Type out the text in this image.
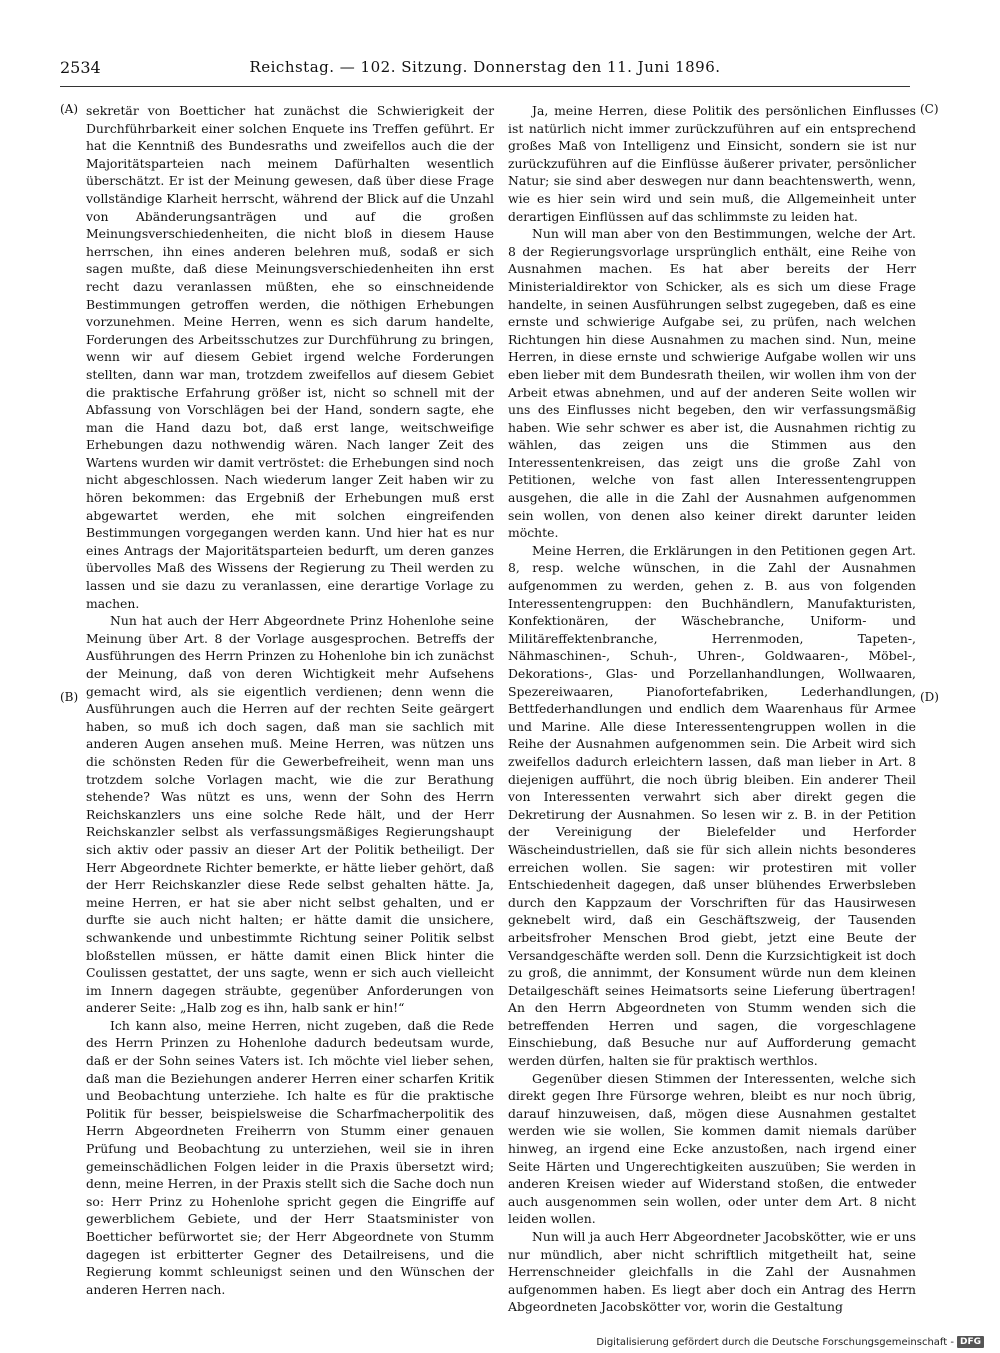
2534	Reichstag. — 102. Sitzung. Donnerstag den 11. Juni 1896.
(A)
(B)
(C)
(D)

sekretär von Boetticher hat zunächst die Schwierigkeit der Durchführbarkeit einer solchen Enquete ins Treffen geführt. Er hat die Kenntniß des Bundesraths und zweifellos auch die der Majoritätsparteien nach meinem Dafürhalten wesentlich überschätzt. Er ist der Meinung gewesen, daß über diese Frage vollständige Klarheit herrscht, während der Blick auf die Unzahl von Abänderungsanträgen und auf die großen Meinungsverschiedenheiten, die nicht bloß in diesem Hause herrschen, ihn eines anderen belehren muß, sodaß er sich sagen mußte, daß diese Meinungsverschiedenheiten ihn erst recht dazu veranlassen müßten, ehe so einschneidende Bestimmungen getroffen werden, die nöthigen Erhebungen vorzunehmen. Meine Herren, wenn es sich darum handelte, Forderungen des Arbeitsschutzes zur Durchführung zu bringen, wenn wir auf diesem Gebiet irgend welche Forderungen stellten, dann war man, trotzdem zweifellos auf diesem Gebiet die praktische Erfahrung größer ist, nicht so schnell mit der Abfassung von Vorschlägen bei der Hand, sondern sagte, ehe man die Hand dazu bot, daß erst lange, weitschweifige Erhebungen dazu nothwendig wären. Nach langer Zeit des Wartens wurden wir damit vertröstet: die Erhebungen sind noch nicht abgeschlossen. Nach wiederum langer Zeit haben wir zu hören bekommen: das Ergebniß der Erhebungen muß erst abgewartet werden, ehe mit solchen eingreifenden Bestimmungen vorgegangen werden kann. Und hier hat es nur eines Antrags der Majoritätsparteien bedurft, um deren ganzes übervolles Maß des Wissens der Regierung zu Theil werden zu lassen und sie dazu zu veranlassen, eine derartige Vorlage zu machen.

Nun hat auch der Herr Abgeordnete Prinz Hohenlohe seine Meinung über Art. 8 der Vorlage ausgesprochen. Betreffs der Ausführungen des Herrn Prinzen zu Hohenlohe bin ich zunächst der Meinung, daß von deren Wichtigkeit mehr Aufsehens gemacht wird, als sie eigentlich verdienen; denn wenn die Ausführungen auch die Herren auf der rechten Seite geärgert haben, so muß ich doch sagen, daß man sie sachlich mit anderen Augen ansehen muß. Meine Herren, was nützen uns die schönsten Reden für die Gewerbefreiheit, wenn man uns trotzdem solche Vorlagen macht, wie die zur Berathung stehende? Was nützt es uns, wenn der Sohn des Herrn Reichskanzlers uns eine solche Rede hält, und der Herr Reichskanzler selbst als verfassungsmäßiges Regierungshaupt sich aktiv oder passiv an dieser Art der Politik betheiligt. Der Herr Abgeordnete Richter bemerkte, er hätte lieber gehört, daß der Herr Reichskanzler diese Rede selbst gehalten hätte. Ja, meine Herren, er hat sie aber nicht selbst gehalten, und er durfte sie auch nicht halten; er hätte damit die unsichere, schwankende und unbestimmte Richtung seiner Politik selbst bloßstellen müssen, er hätte damit einen Blick hinter die Coulissen gestattet, der uns sagte, wenn er sich auch vielleicht im Innern dagegen sträubte, gegenüber Anforderungen von anderer Seite: „Halb zog es ihn, halb sank er hin!“

Ich kann also, meine Herren, nicht zugeben, daß die Rede des Herrn Prinzen zu Hohenlohe dadurch bedeutsam wurde, daß er der Sohn seines Vaters ist. Ich möchte viel lieber sehen, daß man die Beziehungen anderer Herren einer scharfen Kritik und Beobachtung unterziehe. Ich halte es für die praktische Politik für besser, beispielsweise die Scharfmacherpolitik des Herrn Abgeordneten Freiherrn von Stumm einer genauen Prüfung und Beobachtung zu unterziehen, weil sie in ihren gemeinschädlichen Folgen leider in die Praxis übersetzt wird; denn, meine Herren, in der Praxis stellt sich die Sache doch nun so: Herr Prinz zu Hohenlohe spricht gegen die Eingriffe auf gewerblichem Gebiete, und der Herr Staatsminister von Boetticher befürwortet sie; der Herr Abgeordnete von Stumm dagegen ist erbitterter Gegner des Detailreisens, und die Regierung kommt schleunigst seinen und den Wünschen der anderen Herren nach.

Ja, meine Herren, diese Politik des persönlichen Einflusses ist natürlich nicht immer zurückzuführen auf ein entsprechend großes Maß von Intelligenz und Einsicht, sondern sie ist nur zurückzuführen auf die Einflüsse äußerer privater, persönlicher Natur; sie sind aber deswegen nur dann beachtenswerth, wenn, wie es hier sein wird und sein muß, die Allgemeinheit unter derartigen Einflüssen auf das schlimmste zu leiden hat.

Nun will man aber von den Bestimmungen, welche der Art. 8 der Regierungsvorlage ursprünglich enthält, eine Reihe von Ausnahmen machen. Es hat aber bereits der Herr Ministerialdirektor von Schicker, als es sich um diese Frage handelte, in seinen Ausführungen selbst zugegeben, daß es eine ernste und schwierige Aufgabe sei, zu prüfen, nach welchen Richtungen hin diese Ausnahmen zu machen sind. Nun, meine Herren, in diese ernste und schwierige Aufgabe wollen wir uns eben lieber mit dem Bundesrath theilen, wir wollen ihm von der Arbeit etwas abnehmen, und auf der anderen Seite wollen wir uns des Einflusses nicht begeben, den wir verfassungsmäßig haben. Wie sehr schwer es aber ist, die Ausnahmen richtig zu wählen, das zeigen uns die Stimmen aus den Interessentenkreisen, das zeigt uns die große Zahl von Petitionen, welche von fast allen Interessentengruppen ausgehen, die alle in die Zahl der Ausnahmen aufgenommen sein wollen, von denen also keiner direkt darunter leiden möchte.

Meine Herren, die Erklärungen in den Petitionen gegen Art. 8, resp. welche wünschen, in die Zahl der Ausnahmen aufgenommen zu werden, gehen z. B. aus von folgenden Interessentengruppen: den Buchhändlern, Manufakturisten, Konfektionären, der Wäschebranche, Uniform- und Militäreffektenbranche, Herrenmoden, Tapeten-, Nähmaschinen-, Schuh-, Uhren-, Goldwaaren-, Möbel-, Dekorations-, Glas- und Porzellanhandlungen, Wollwaaren, Spezereiwaaren, Pianofortefabriken, Lederhandlungen, Bettfederhandlungen und endlich dem Waarenhaus für Armee und Marine. Alle diese Interessentengruppen wollen in die Reihe der Ausnahmen aufgenommen sein. Die Arbeit wird sich zweifellos dadurch erleichtern lassen, daß man lieber in Art. 8 diejenigen aufführt, die noch übrig bleiben. Ein anderer Theil von Interessenten verwahrt sich aber direkt gegen die Dekretirung der Ausnahmen. So lesen wir z. B. in der Petition der Vereinigung der Bielefelder und Herforder Wäscheindustriellen, daß sie für sich allein nichts besonderes erreichen wollen. Sie sagen: wir protestiren mit voller Entschiedenheit dagegen, daß unser blühendes Erwerbsleben durch den Kappzaum der Vorschriften für das Hausirwesen geknebelt wird, daß ein Geschäftszweig, der Tausenden arbeitsfroher Menschen Brod giebt, jetzt eine Beute der Versandgeschäfte werden soll. Denn die Kurzsichtigkeit ist doch zu groß, die annimmt, der Konsument würde nun dem kleinen Detailgeschäft seines Heimatsorts seine Lieferung übertragen! An den Herrn Abgeordneten von Stumm wenden sich die betreffenden Herren und sagen, die vorgeschlagene Einschiebung, daß Besuche nur auf Aufforderung gemacht werden dürfen, halten sie für praktisch werthlos.

Gegenüber diesen Stimmen der Interessenten, welche sich direkt gegen Ihre Fürsorge wehren, bleibt es nur noch übrig, darauf hinzuweisen, daß, mögen diese Ausnahmen gestaltet werden wie sie wollen, Sie kommen damit niemals darüber hinweg, an irgend eine Ecke anzustoßen, nach irgend einer Seite Härten und Ungerechtigkeiten auszuüben; Sie werden in anderen Kreisen wieder auf Widerstand stoßen, die entweder auch ausgenommen sein wollen, oder unter dem Art. 8 nicht leiden wollen.

Nun will ja auch Herr Abgeordneter Jacobskötter, wie er uns nur mündlich, aber nicht schriftlich mitgetheilt hat, seine Herrenschneider gleichfalls in die Zahl der Ausnahmen aufgenommen haben. Es liegt aber doch ein Antrag des Herrn Abgeordneten Jacobskötter vor, worin die Gestaltung

Digitalisierung gefördert durch die Deutsche Forschungsgemeinschaft - DFG
